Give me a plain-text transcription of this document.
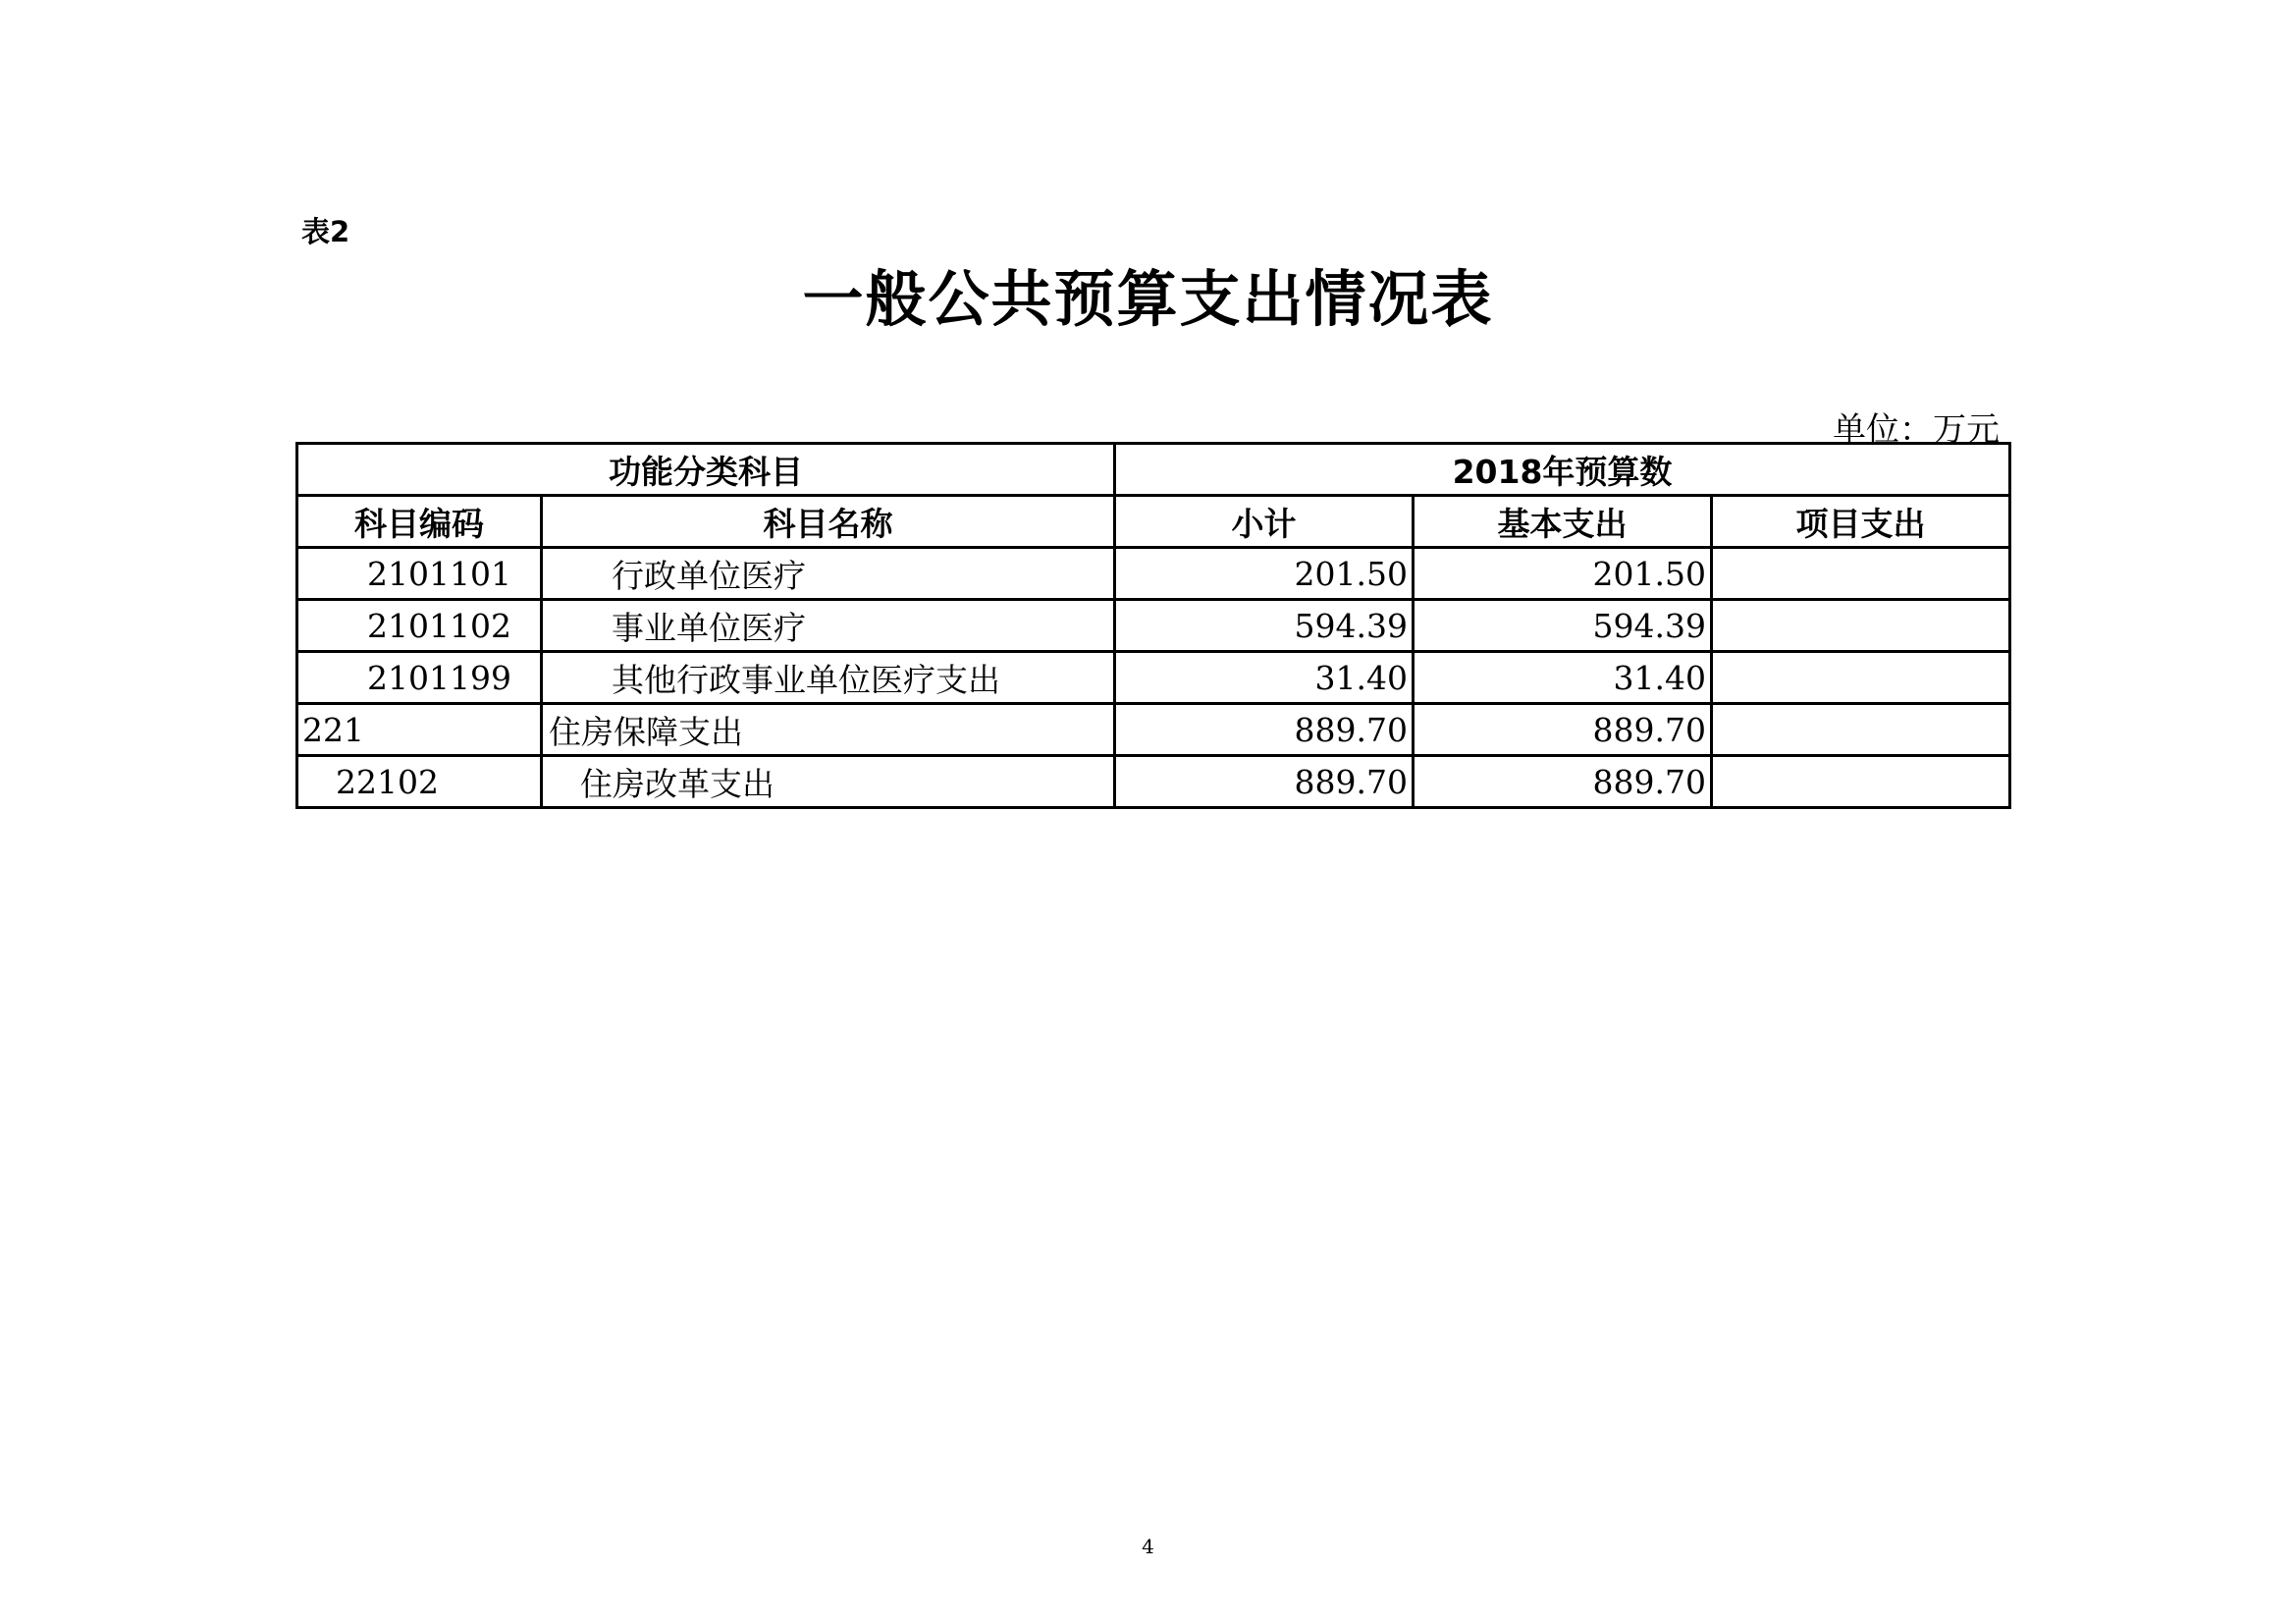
表2
一般公共预算支出情况表
单位：万元
功能分类科目		2018年预算数		
科目编码	科目名称	小计	基本支出	项目支出
2101101	行政单位医疗	201.50	201.50	
2101102	事业单位医疗	594.39	594.39	
2101199	其他行政事业单位医疗支出	31.40	31.40	
221	住房保障支出	889.70	889.70	
22102	住房改革支出	889.70	889.70	
4
